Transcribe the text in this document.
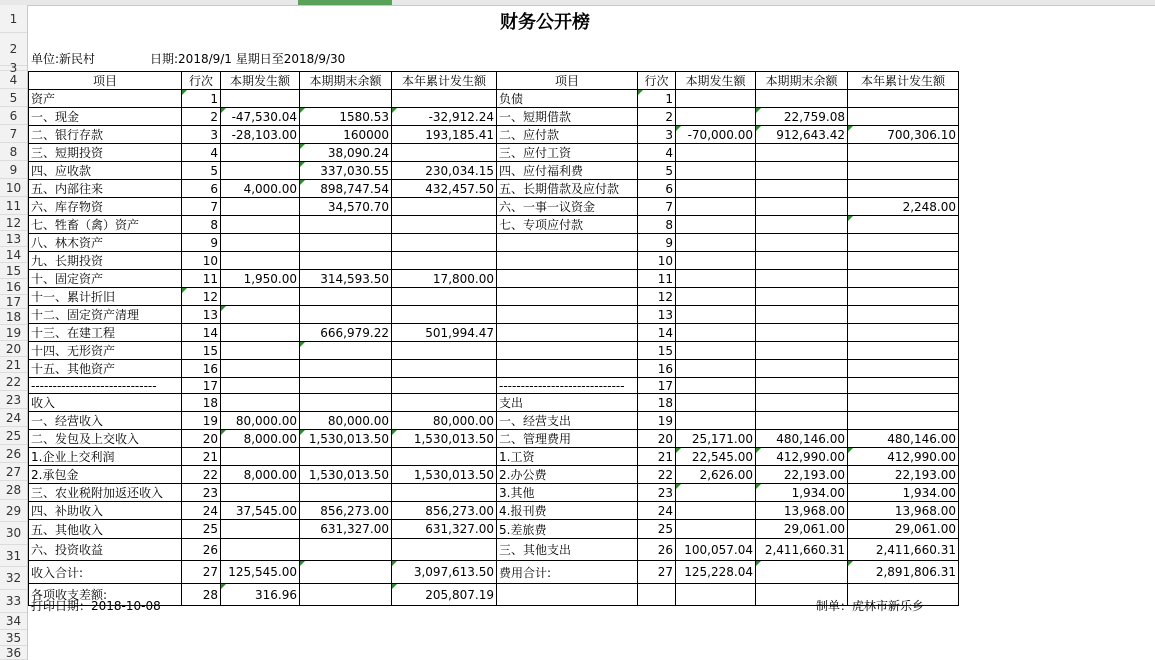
1
2
3
4
5
6
7
8
9
10
11
12
13
14
15
16
17
18
19
20
21
22
23
24
25
26
27
28
29
30
31
32
33
34
35
36
财务公开榜
单位:新民村	日期:2018/9/1 星期日至2018/9/30
项目	行次	本期发生额	本期期末余额	本年累计发生额	项目	行次	本期发生额	本期期末余额	本年累计发生额
资产	1				负债	1			
一、现金	2	-47,530.04	1580.53	-32,912.24	一、短期借款	2		22,759.08	
二、银行存款	3	-28,103.00	160000	193,185.41	二、应付款	3	-70,000.00	912,643.42	700,306.10
三、短期投资	4		38,090.24		三、应付工资	4			
四、应收款	5		337,030.55	230,034.15	四、应付福利费	5			
五、内部往来	6	4,000.00	898,747.54	432,457.50	五、长期借款及应付款	6			
六、库存物资	7		34,570.70		六、一事一议资金	7			2,248.00
七、牲畜（禽）资产	8				七、专项应付款	8			
八、林木资产	9					9			
九、长期投资	10					10			
十、固定资产	11	1,950.00	314,593.50	17,800.00		11			
十一、累计折旧	12					12			
十二、固定资产清理	13					13			
十三、在建工程	14		666,979.22	501,994.47		14			
十四、无形资产	15					15			
十五、其他资产	16					16			
-----------------------------	17				-----------------------------	17			
收入	18				支出	18			
一、经营收入	19	80,000.00	80,000.00	80,000.00	一、经营支出	19			
二、发包及上交收入	20	8,000.00	1,530,013.50	1,530,013.50	二、管理费用	20	25,171.00	480,146.00	480,146.00
1.企业上交利润	21				1.工资	21	22,545.00	412,990.00	412,990.00
2.承包金	22	8,000.00	1,530,013.50	1,530,013.50	2.办公费	22	2,626.00	22,193.00	22,193.00
三、农业税附加返还收入	23				3.其他	23		1,934.00	1,934.00
四、补助收入	24	37,545.00	856,273.00	856,273.00	4.报刊费	24		13,968.00	13,968.00
五、其他收入	25		631,327.00	631,327.00	5.差旅费	25		29,061.00	29,061.00
六、投资收益	26				三、其他支出	26	100,057.04	2,411,660.31	2,411,660.31
收入合计:	27	125,545.00		3,097,613.50	费用合计:	27	125,228.04		2,891,806.31
各项收支差额:	28	316.96		205,807.19					
打印日期：2018-10-08	制单：虎林市新乐乡
